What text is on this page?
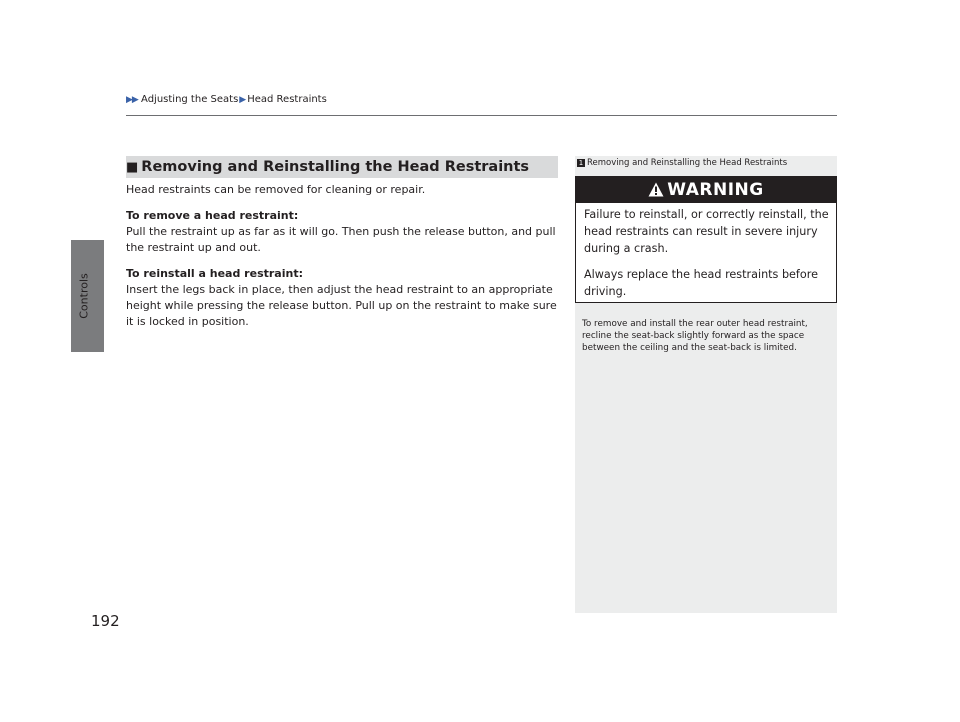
▶▶ Adjusting the Seats▶Head Restraints
Controls
■ Removing and Reinstalling the Head Restraints

Head restraints can be removed for cleaning or repair.

To remove a head restraint:

Pull the restraint up as far as it will go. Then push the release button, and pull the restraint up and out.

To reinstall a head restraint:

Insert the legs back in place, then adjust the head restraint to an appropriate height while pressing the release button. Pull up on the restraint to make sure it is locked in position.

1 Removing and Reinstalling the Head Restraints
WARNING

Failure to reinstall, or correctly reinstall, the head restraints can result in severe injury during a crash.

Always replace the head restraints before driving.

To remove and install the rear outer head restraint, recline the seat-back slightly forward as the space between the ceiling and the seat-back is limited.
192
